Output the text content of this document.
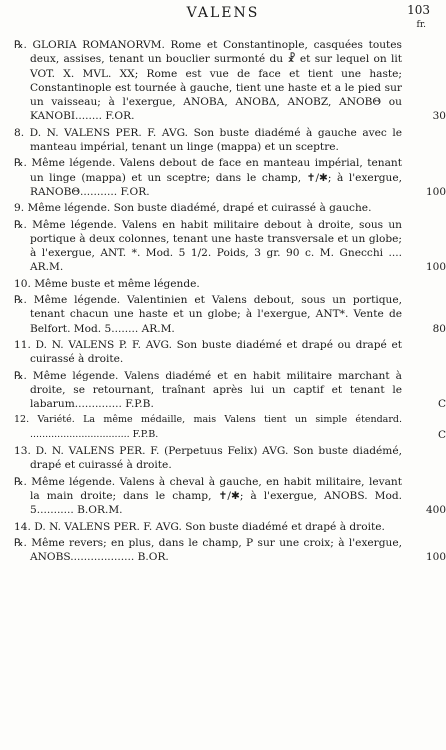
VALENS	103
fr.
℞. GLORIA ROMANORVM. Rome et Constantinople, casquées toutes deux, assises, tenant un bouclier surmonté du ☧ et sur lequel on lit VOT. X. MVL. XX; Rome est vue de face et tient une haste; Constantinople est tournée à gauche, tient une haste et a le pied sur un vaisseau; à l'exergue, ANOBA, ANOBΔ, ANOBZ, ANOBΘ ou KANOBI........ F.OR.	30
8. D. N. VALENS PER. F. AVG. Son buste diadémé à gauche avec le manteau impérial, tenant un linge (mappa) et un sceptre.
℞. Même légende. Valens debout de face en manteau impérial, tenant un linge (mappa) et un sceptre; dans le champ, ✝/✱; à l'exergue, RANOBΘ........... F.OR.	100
9. Même légende. Son buste diadémé, drapé et cuirassé à gauche.
℞. Même légende. Valens en habit militaire debout à droite, sous un portique à deux colonnes, tenant une haste transversale et un globe; à l'exergue, ANT. *. Mod. 5 1/2. Poids, 3 gr. 90 c. M. Gnecchi .... AR.M.	100
10. Même buste et même légende.
℞. Même légende. Valentinien et Valens debout, sous un portique, tenant chacun une haste et un globe; à l'exergue, ANT*. Vente de Belfort. Mod. 5........ AR.M.	80
11. D. N. VALENS P. F. AVG. Son buste diadémé et drapé ou drapé et cuirassé à droite.
℞. Même légende. Valens diadémé et en habit militaire marchant à droite, se retournant, traînant après lui un captif et tenant le labarum.............. F.P.B.	C
12. Variété. La même médaille, mais Valens tient un simple étendard. ................................. F.P.B.	C
13. D. N. VALENS PER. F. (Perpetuus Felix) AVG. Son buste diadémé, drapé et cuirassé à droite.
℞. Même légende. Valens à cheval à gauche, en habit militaire, levant la main droite; dans le champ, ✝/✱; à l'exergue, ANOBS. Mod. 5........... B.OR.M.	400
14. D. N. VALENS PER. F. AVG. Son buste diadémé et drapé à droite.
℞. Même revers; en plus, dans le champ, P sur une croix; à l'exergue, ANOBS................... B.OR.	100
